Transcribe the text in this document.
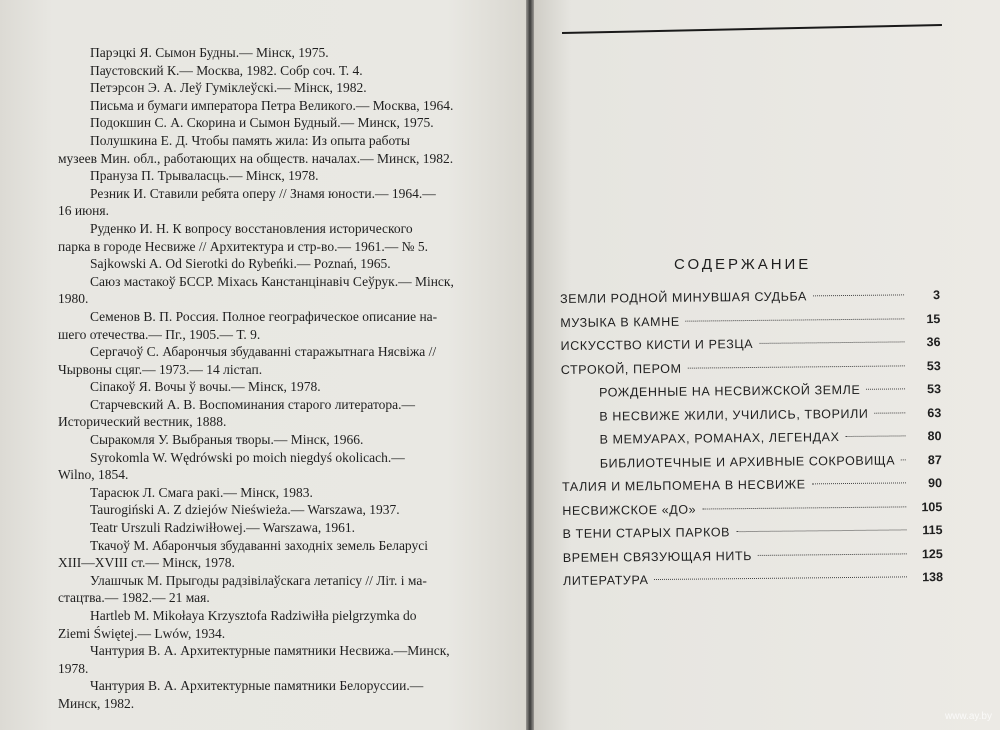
Парэцкі Я. Сымон Будны.— Мінск, 1975.
Паустовский К.— Москва, 1982. Собр соч. Т. 4.
Петэрсон Э. А. Леў Гуміклеўскі.— Мінск, 1982.
Письма и бумаги императора Петра Великого.— Москва, 1964.
Подокшин С. А. Скорина и Сымон Будный.— Минск, 1975.
Полушкина Е. Д. Чтобы память жила: Из опыта работы
музеев Мин. обл., работающих на обществ. началах.— Минск, 1982.
Прануза П. Трываласць.— Мінск, 1978.
Резник И. Ставили ребята оперу // Знамя юности.— 1964.—
16 июня.
Руденко И. Н. К вопросу восстановления исторического
парка в городе Несвиже // Архитектура и стр-во.— 1961.— № 5.
Sajkowski A. Od Sierotki do Rybeńki.— Poznań, 1965.
Саюз мастакоў БССР. Міхась Канстанцінавіч Сеўрук.— Мінск,
1980.
Семенов В. П. Россия. Полное географическое описание на-
шего отечества.— Пг., 1905.— Т. 9.
Сергачоў С. Абарончыя збудаванні старажытнага Нясвіжа //
Чырвоны сцяг.— 1973.— 14 лістап.
Сіпакоў Я. Вочы ў вочы.— Мінск, 1978.
Старчевский А. В. Воспоминания старого литератора.—
Исторический вестник, 1888.
Сыракомля У. Выбраныя творы.— Мінск, 1966.
Syrokomla W. Wędrówski po moich niegdyś okolicach.—
Wilno, 1854.
Тарасюк Л. Смага ракі.— Мінск, 1983.
Taurogiński A. Z dziejów Nieświeża.— Warszawa, 1937.
Teatr Urszuli Radziwiłłowej.— Warszawa, 1961.
Ткачоў М. Абарончыя збудаванні заходніх земель Беларусі
XIII—XVIII ст.— Мінск, 1978.
Улашчык М. Прыгоды радзівілаўскага летапісу // Літ. і ма-
стацтва.— 1982.— 21 мая.
Hartleb M. Mikołaya Krzysztofa Radziwiłła pielgrzymka do
Ziemi Świętej.— Lwów, 1934.
Чантурия В. А. Архитектурные памятники Несвижа.—Минск,
1978.
Чантурия В. А. Архитектурные памятники Белоруссии.—
Минск, 1982.
СОДЕРЖАНИЕ
ЗЕМЛИ РОДНОЙ МИНУВШАЯ СУДЬБА	3
МУЗЫКА В КАМНЕ	15
ИСКУССТВО КИСТИ И РЕЗЦА	36
СТРОКОЙ, ПЕРОМ	53
РОЖДЕННЫЕ НА НЕСВИЖСКОЙ ЗЕМЛЕ	53
В НЕСВИЖЕ ЖИЛИ, УЧИЛИСЬ, ТВОРИЛИ	63
В МЕМУАРАХ, РОМАНАХ, ЛЕГЕНДАХ	80
БИБЛИОТЕЧНЫЕ И АРХИВНЫЕ СОКРОВИЩА	87
ТАЛИЯ И МЕЛЬПОМЕНА В НЕСВИЖЕ	90
НЕСВИЖСКОЕ «ДО»	105
В ТЕНИ СТАРЫХ ПАРКОВ	115
ВРЕМЕН СВЯЗУЮЩАЯ НИТЬ	125
ЛИТЕРАТУРА	138
www.ay.by
